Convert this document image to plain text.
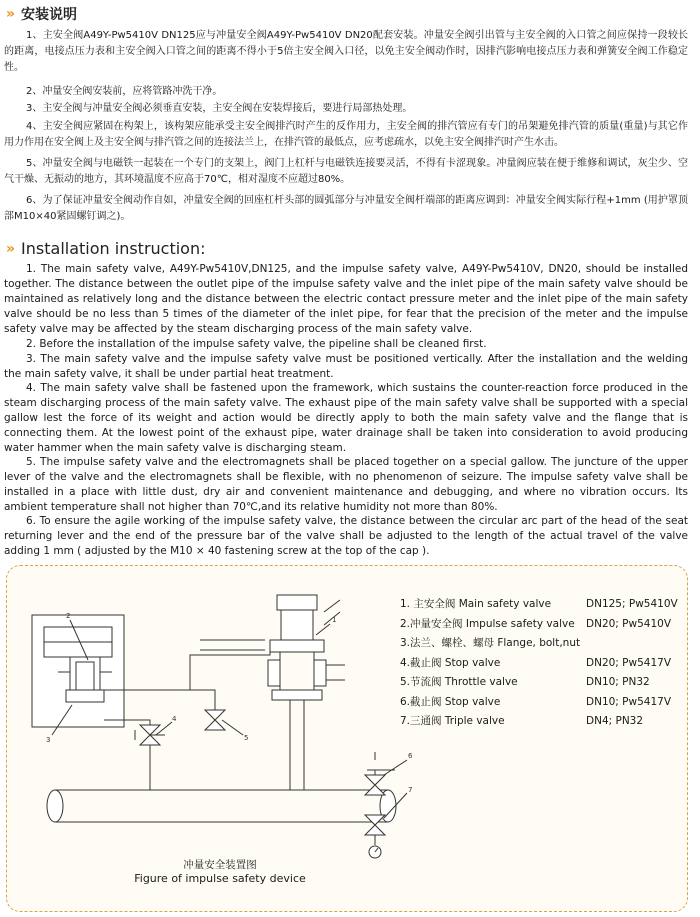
» 安装说明
1、主安全阀A49Y-Pw5410V DN125应与冲量安全阀A49Y-Pw5410V DN20配套安装。冲量安全阀引出管与主安全阀的入口管之间应保持一段较长的距离，电接点压力表和主安全阀入口管之间的距离不得小于5倍主安全阀入口径，以免主安全阀动作时，因排汽影响电接点压力表和弹簧安全阀工作稳定性。
2、冲量安全阀安装前，应将管路冲洗干净。
3、主安全阀与冲量安全阀必须垂直安装，主安全阀在安装焊接后，要进行局部热处理。
4、主安全阀应紧固在构架上，该构架应能承受主安全阀排汽时产生的反作用力，主安全阀的排汽管应有专门的吊架避免排汽管的质量(重量)与其它作用力作用在安全阀上及主安全阀与排汽管之间的连接法兰上，在排汽管的最低点，应考虑疏水，以免主安全阀排汽时产生水击。
5、冲量安全阀与电磁铁一起装在一个专门的支架上，阀门上杠杆与电磁铁连接要灵活，不得有卡涩现象。冲量阀应装在便于维修和调试，灰尘少、空气干燥、无振动的地方，其环境温度不应高于70℃，相对湿度不应超过80%。
6、为了保证冲量安全阀动作自如，冲量安全阀的回座杠杆头部的圆弧部分与冲量安全阀杆端部的距离应调到：冲量安全阀实际行程+1mm (用护罩顶部M10×40紧固螺钉调之)。
» Installation instruction:
1. The main safety valve, A49Y-Pw5410V,DN125, and the impulse safety valve, A49Y-Pw5410V, DN20, should be installed together. The distance between the outlet pipe of the impulse safety valve and the inlet pipe of the main safety valve should be maintained as relatively long and the distance between the electric contact pressure meter and the inlet pipe of the main safety valve should be no less than 5 times of the diameter of the inlet pipe, for fear that the precision of the meter and the impulse safety valve may be affected by the steam discharging process of the main safety valve.
2. Before the installation of the impulse safety valve, the pipeline shall be cleaned first.
3. The main safety valve and the impulse safety valve must be positioned vertically. After the installation and the welding the main safety valve, it shall be under partial heat treatment.
4. The main safety valve shall be fastened upon the framework, which sustains the counter-reaction force produced in the steam discharging process of the main safety valve. The exhaust pipe of the main safety valve shall be supported with a special gallow lest the force of its weight and action would be directly apply to both the main safety valve and the flange that is connecting them. At the lowest point of the exhaust pipe, water drainage shall be taken into consideration to avoid producing water hammer when the main safety valve is discharging steam.
5. The impulse safety valve and the electromagnets shall be placed together on a special gallow. The juncture of the upper lever of the valve and the electromagnets shall be flexible, with no phenomenon of seizure. The impulse safety valve shall be installed in a place with little dust, dry air and convenient maintenance and debugging, and where no vibration occurs. Its ambient temperature shall not higher than 70℃,and its relative humidity not more than 80%.
6. To ensure the agile working of the impulse safety valve, the distance between the circular arc part of the head of the seat returning lever and the end of the pressure bar of the valve shall be adjusted to the length of the actual travel of the valve adding 1 mm ( adjusted by the M10 × 40 fastening screw at the top of the cap ).
2
3
4
1
5
6
7
1. 主安全阀 Main safety valve	DN125; Pw5410V
2.冲量安全阀 Impulse safety valve DN20; Pw5410V
3.法兰、螺栓、螺母 Flange, bolt,nut
4.截止阀 Stop valve	DN20; Pw5417V
5.节流阀 Throttle valve	DN10; PN32
6.截止阀 Stop valve	DN10; Pw5417V
7.三通阀 Triple valve	DN4; PN32
冲量安全装置图
Figure of impulse safety device
